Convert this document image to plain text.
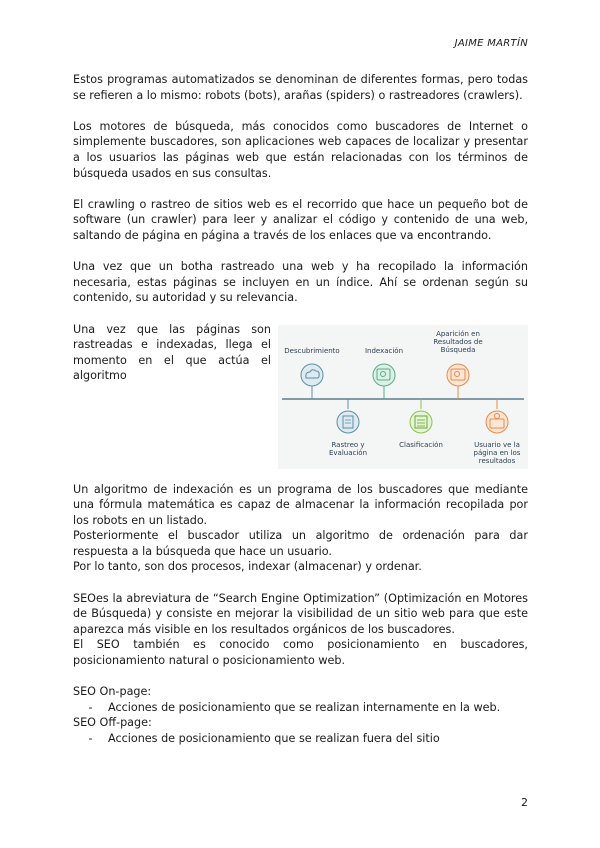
JAIME MARTÍN

Estos programas automatizados se denominan de diferentes formas, pero todas se refieren a lo mismo: robots (bots), arañas (spiders) o rastreadores (crawlers).

Los motores de búsqueda, más conocidos como buscadores de Internet o simplemente buscadores, son aplicaciones web capaces de localizar y presentar a los usuarios las páginas web que están relacionadas con los términos de búsqueda usados en sus consultas.

El crawling o rastreo de sitios web es el recorrido que hace un pequeño bot de software (un crawler) para leer y analizar el código y contenido de una web, saltando de página en página a través de los enlaces que va encontrando.

Una vez que un botha rastreado una web y ha recopilado la información necesaria, estas páginas se incluyen en un índice. Ahí se ordenan según su contenido, su autoridad y su relevancia.

Una vez que las páginas son rastreadas e indexadas, llega el momento en el que actúa el algoritmo

Descubrimiento	Indexación
Aparición en
Resultados de
Búsqueda
Rastreo y
Evaluación
Clasificación	Usuario ve la
página en los
resultados

Un algoritmo de indexación es un programa de los buscadores que mediante una fórmula matemática es capaz de almacenar la información recopilada por los robots en un listado.

Posteriormente el buscador utiliza un algoritmo de ordenación para dar respuesta a la búsqueda que hace un usuario.

Por lo tanto, son dos procesos, indexar (almacenar) y ordenar.

SEOes la abreviatura de “Search Engine Optimization” (Optimización en Motores de Búsqueda) y consiste en mejorar la visibilidad de un sitio web para que este aparezca más visible en los resultados orgánicos de los buscadores.

El SEO también es conocido como posicionamiento en buscadores, posicionamiento natural o posicionamiento web.

SEO On-page:

-	Acciones de posicionamiento que se realizan internamente en la web.

SEO Off-page:

-	Acciones de posicionamiento que se realizan fuera del sitio
2
